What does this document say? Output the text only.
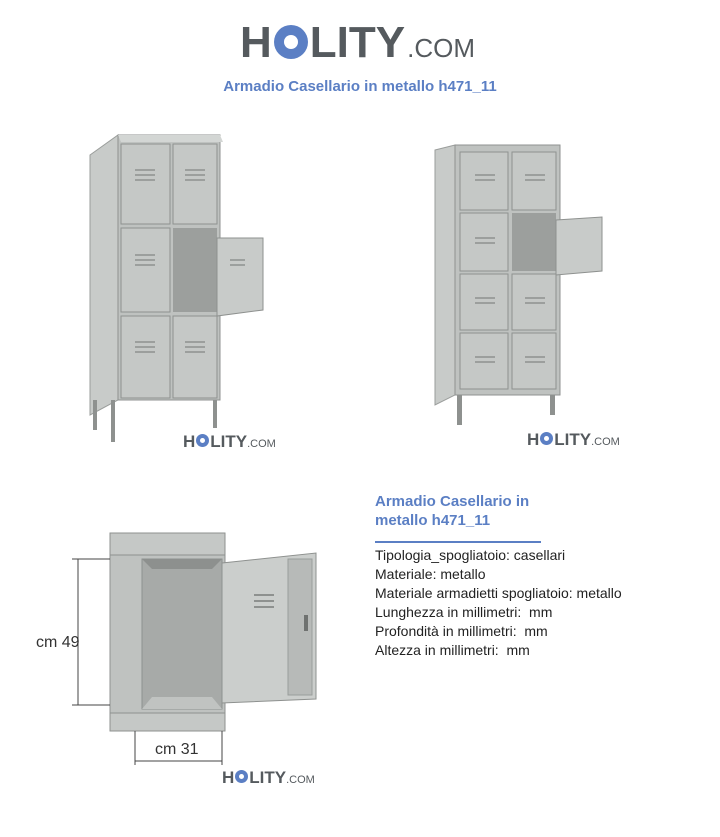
H LITY .COM
Armadio Casellario in metallo h471_11
cm 49
cm 31
H LITY .COM	H LITY .COM
H LITY .COM
Armadio Casellario in
metallo h471_11
Tipologia_spogliatoio: casellari
Materiale: metallo
Materiale armadietti spogliatoio: metallo
Lunghezza in millimetri:  mm
Profondità in millimetri:  mm
Altezza in millimetri:  mm
